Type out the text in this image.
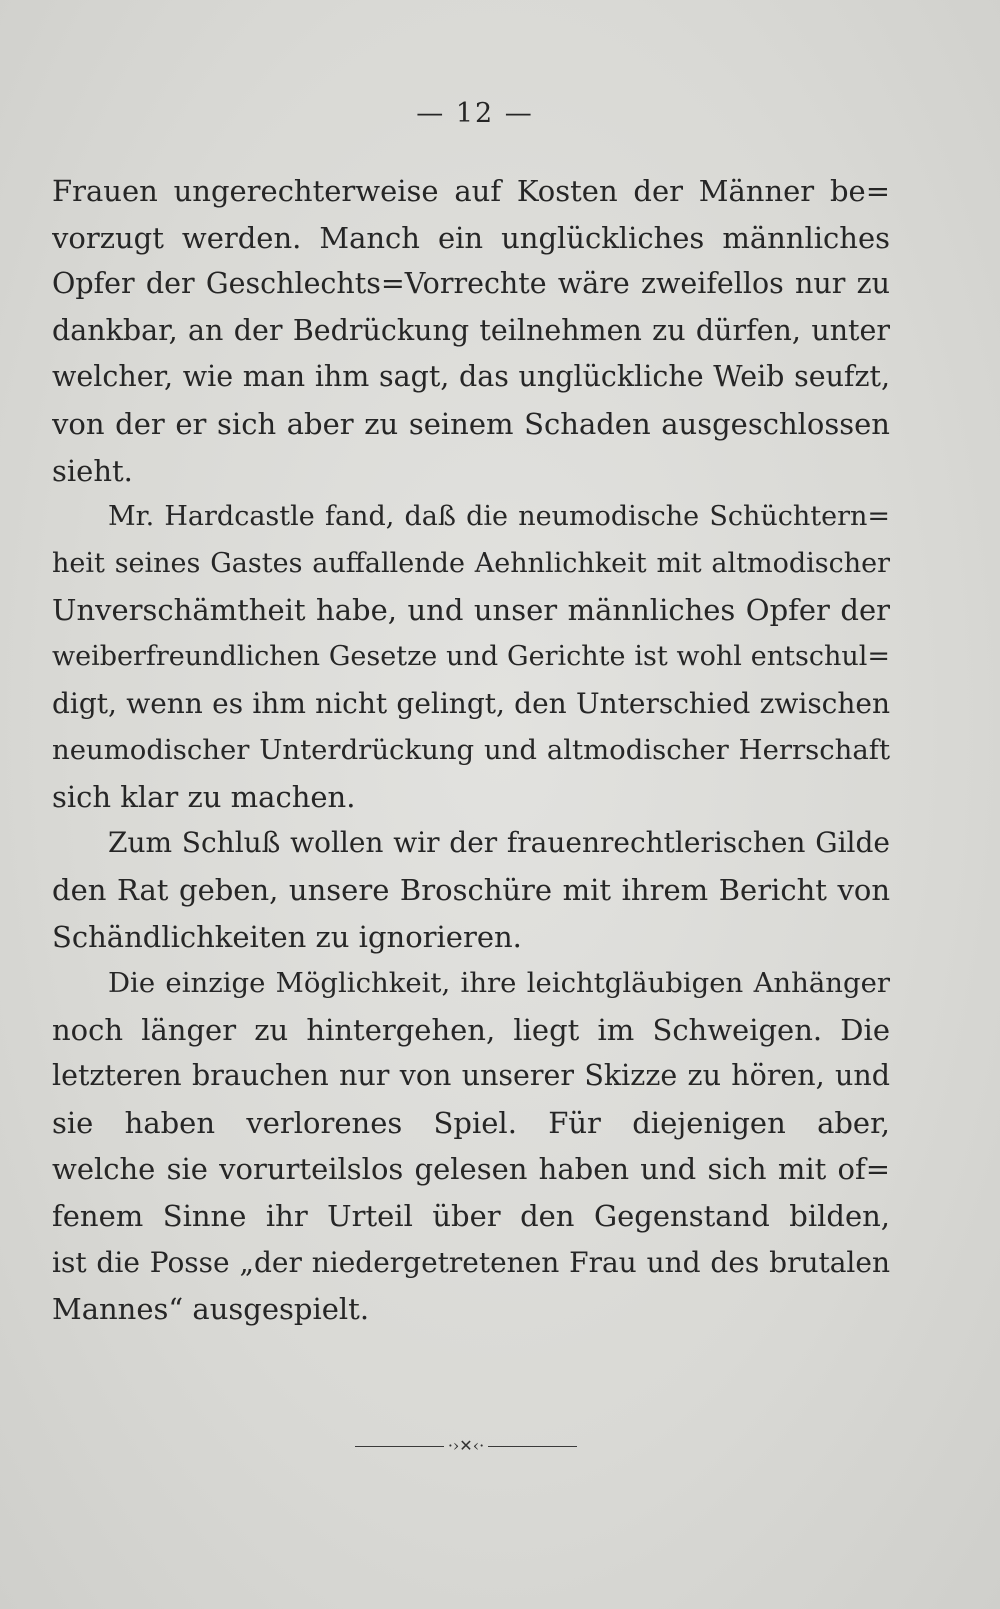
— 12 —
Frauen ungerechterweise auf Kosten der Männer be=
vorzugt werden. Manch ein unglückliches männliches
Opfer der Geschlechts=Vorrechte wäre zweifellos nur zu
dankbar, an der Bedrückung teilnehmen zu dürfen, unter
welcher, wie man ihm sagt, das unglückliche Weib seufzt,
von der er sich aber zu seinem Schaden ausgeschlossen
sieht.
Mr. Hardcastle fand, daß die neumodische Schüchtern=
heit seines Gastes auffallende Aehnlichkeit mit altmodischer
Unverschämtheit habe, und unser männliches Opfer der
weiberfreundlichen Gesetze und Gerichte ist wohl entschul=
digt, wenn es ihm nicht gelingt, den Unterschied zwischen
neumodischer Unterdrückung und altmodischer Herrschaft
sich klar zu machen.
Zum Schluß wollen wir der frauenrechtlerischen Gilde
den Rat geben, unsere Broschüre mit ihrem Bericht von
Schändlichkeiten zu ignorieren.
Die einzige Möglichkeit, ihre leichtgläubigen Anhänger
noch länger zu hintergehen, liegt im Schweigen. Die
letzteren brauchen nur von unserer Skizze zu hören, und
sie haben verlorenes Spiel. Für diejenigen aber,
welche sie vorurteilslos gelesen haben und sich mit of=
fenem Sinne ihr Urteil über den Gegenstand bilden,
ist die Posse „der niedergetretenen Frau und des brutalen
Mannes“ ausgespielt.
·›✕‹·
